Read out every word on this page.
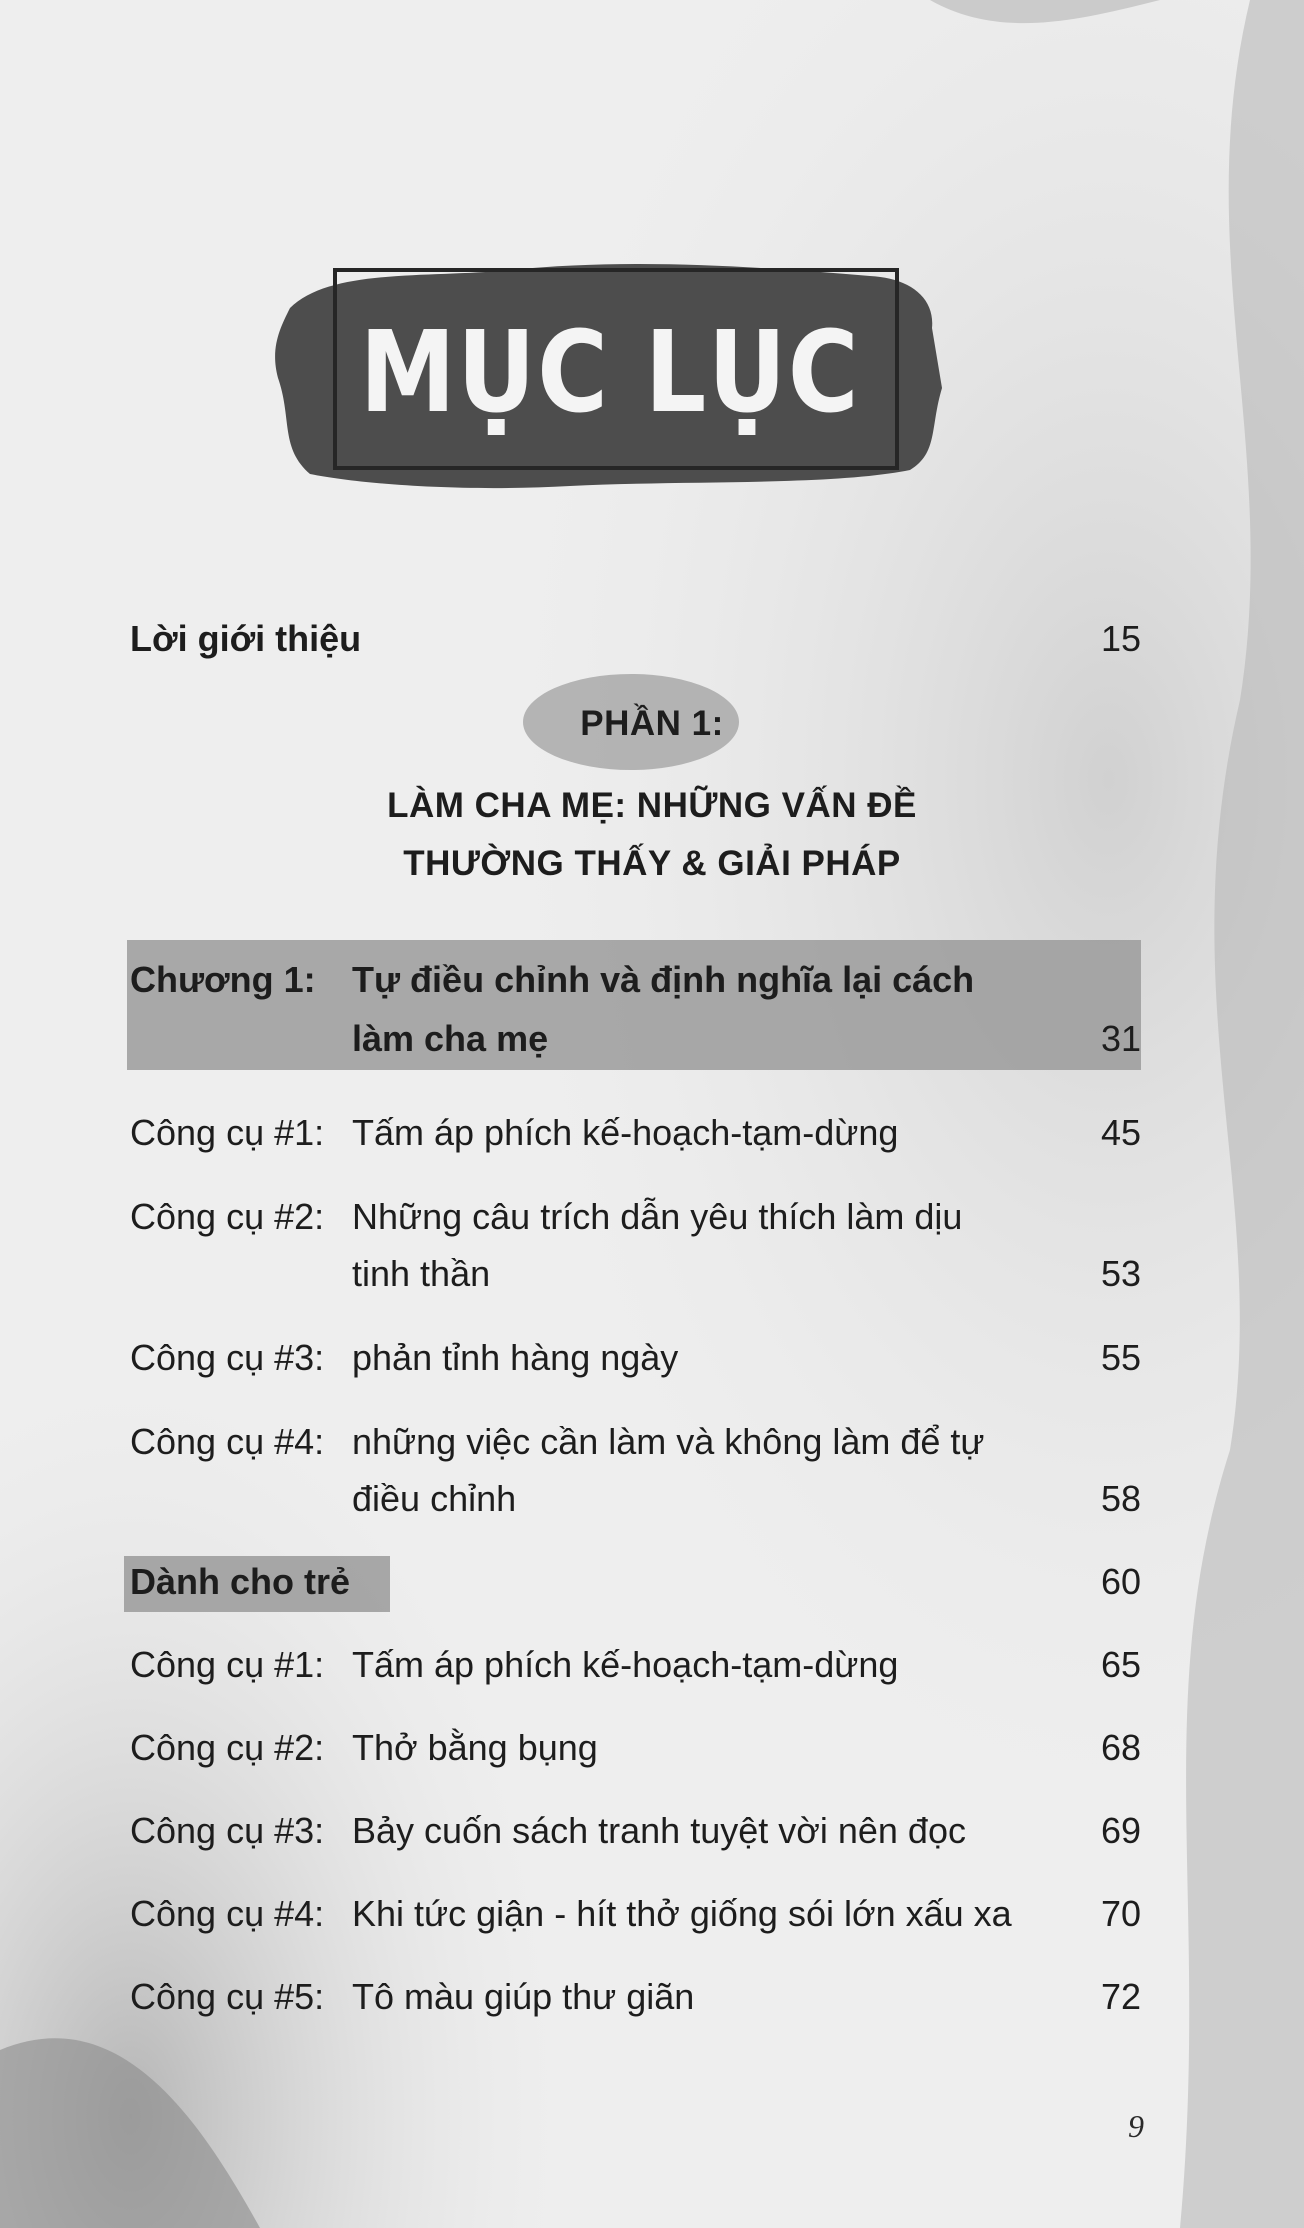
MỤC LỤC
Lời giới thiệu	15
PHẦN 1:
LÀM CHA MẸ: NHỮNG VẤN ĐỀ
THƯỜNG THẤY & GIẢI PHÁP
Chương 1: Tự điều chỉnh và định nghĩa lại cách
làm cha mẹ	31
Công cụ #1: Tấm áp phích kế-hoạch-tạm-dừng	45
Công cụ #2: Những câu trích dẫn yêu thích làm dịu
tinh thần	53
Công cụ #3: phản tỉnh hàng ngày	55
Công cụ #4: những việc cần làm và không làm để tự
điều chỉnh	58
Dành cho trẻ	60
Công cụ #1: Tấm áp phích kế-hoạch-tạm-dừng	65
Công cụ #2: Thở bằng bụng	68
Công cụ #3: Bảy cuốn sách tranh tuyệt vời nên đọc	69
Công cụ #4: Khi tức giận - hít thở giống sói lớn xấu xa 70
Công cụ #5: Tô màu giúp thư giãn	72
9
